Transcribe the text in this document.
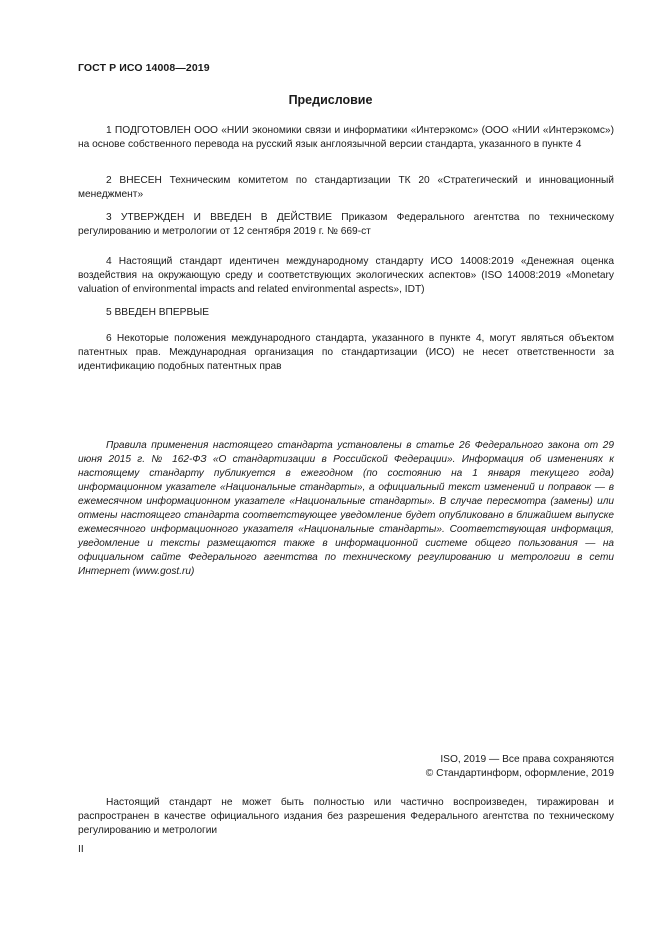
ГОСТ Р ИСО 14008—2019
Предисловие

1 ПОДГОТОВЛЕН ООО «НИИ экономики связи и информатики «Интерэкомс» (ООО «НИИ «Интерэкомс») на основе собственного перевода на русский язык англоязычной версии стандарта, указанного в пункте 4

2 ВНЕСЕН Техническим комитетом по стандартизации ТК 20 «Стратегический и инновационный менеджмент»

3 УТВЕРЖДЕН И ВВЕДЕН В ДЕЙСТВИЕ Приказом Федерального агентства по техническому регулированию и метрологии от 12 сентября 2019 г. № 669-ст

4 Настоящий стандарт идентичен международному стандарту ИСО 14008:2019 «Денежная оценка воздействия на окружающую среду и соответствующих экологических аспектов» (ISO 14008:2019 «Monetary valuation of environmental impacts and related environmental aspects», IDT)

5 ВВЕДЕН ВПЕРВЫЕ

6 Некоторые положения международного стандарта, указанного в пункте 4, могут являться объектом патентных прав. Международная организация по стандартизации (ИСО) не несет ответственности за идентификацию подобных патентных прав

Правила применения настоящего стандарта установлены в статье 26 Федерального закона от 29 июня 2015 г. № 162-ФЗ «О стандартизации в Российской Федерации». Информация об изменениях к настоящему стандарту публикуется в ежегодном (по состоянию на 1 января текущего года) информационном указателе «Национальные стандарты», а официальный текст изменений и поправок — в ежемесячном информационном указателе «Национальные стандарты». В случае пересмотра (замены) или отмены настоящего стандарта соответствующее уведомление будет опубликовано в ближайшем выпуске ежемесячного информационного указателя «Национальные стандарты». Соответствующая информация, уведомление и тексты размещаются также в информационной системе общего пользования — на официальном сайте Федерального агентства по техническому регулированию и метрологии в сети Интернет (www.gost.ru)

ISO, 2019 — Все права сохраняются
© Стандартинформ, оформление, 2019

Настоящий стандарт не может быть полностью или частично воспроизведен, тиражирован и распространен в качестве официального издания без разрешения Федерального агентства по техническому регулированию и метрологии

II
